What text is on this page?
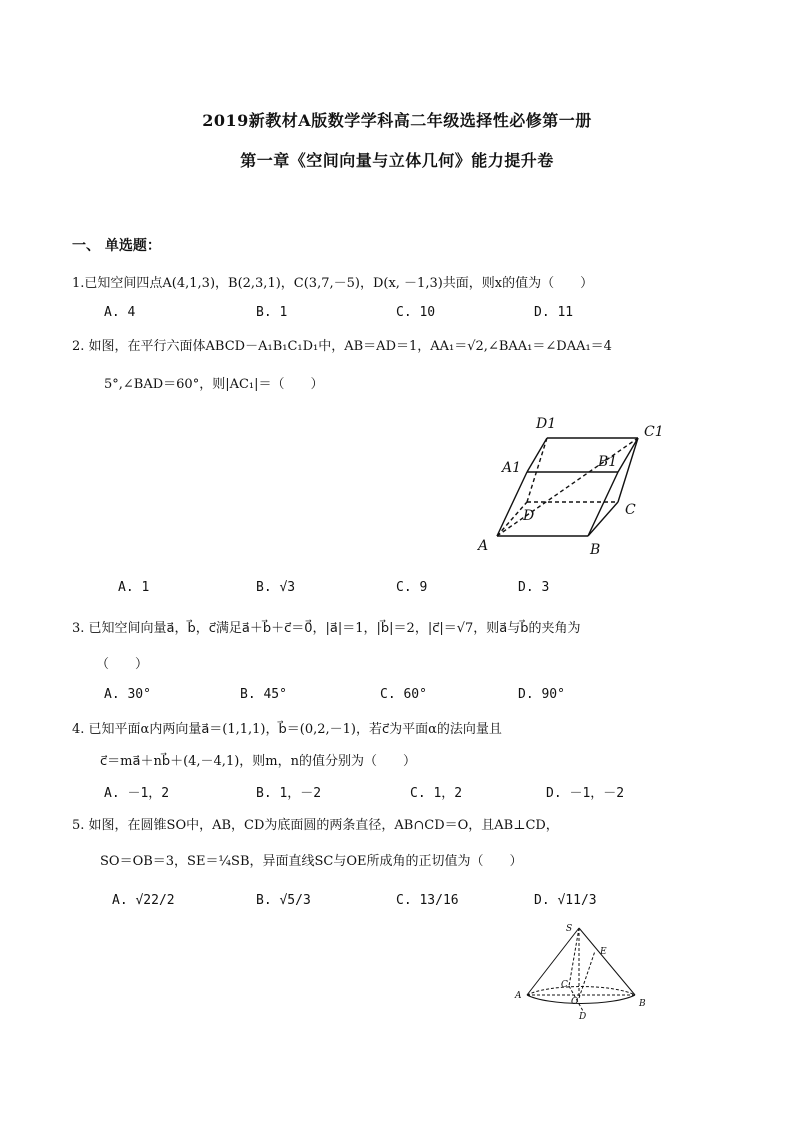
2019新教材A版数学学科高二年级选择性必修第一册
第一章《空间向量与立体几何》能力提升卷
一、 单选题：
1.已知空间四点A(4,1,3)，B(2,3,1)，C(3,7,－5)，D(x, －1,3)共面，则x的值为（　　）
A. 4	B. 1	C. 10	D. 11
2. 如图，在平行六面体ABCD－A₁B₁C₁D₁中，AB＝AD＝1，AA₁＝√2,∠BAA₁＝∠DAA₁＝4
5°,∠BAD＝60°，则|AC₁|＝（　　）
D1	C1
A1	B1
D	C
A	B
A. 1	B. √3	C. 9	D. 3
3. 已知空间向量a⃗，b⃗，c⃗满足a⃗＋b⃗＋c⃗＝0⃗，|a⃗|＝1，|b⃗|＝2，|c⃗|＝√7，则a⃗与b⃗的夹角为
（　　）
A. 30°	B. 45°	C. 60°	D. 90°
4. 已知平面α内两向量a⃗＝(1,1,1)，b⃗＝(0,2,－1)，若c⃗为平面α的法向量且
c⃗＝ma⃗＋nb⃗＋(4,－4,1)，则m，n的值分别为（　　）
A. －1，2	B. 1，－2	C. 1，2	D. －1，－2
5. 如图，在圆锥SO中，AB，CD为底面圆的两条直径，AB∩CD＝O，且AB⊥CD，
SO＝OB＝3，SE＝¼SB，异面直线SC与OE所成角的正切值为（　　）
A. √22/2	B. √5/3	C. 13/16	D. √11/3
S
E
C
A
O	B
D
